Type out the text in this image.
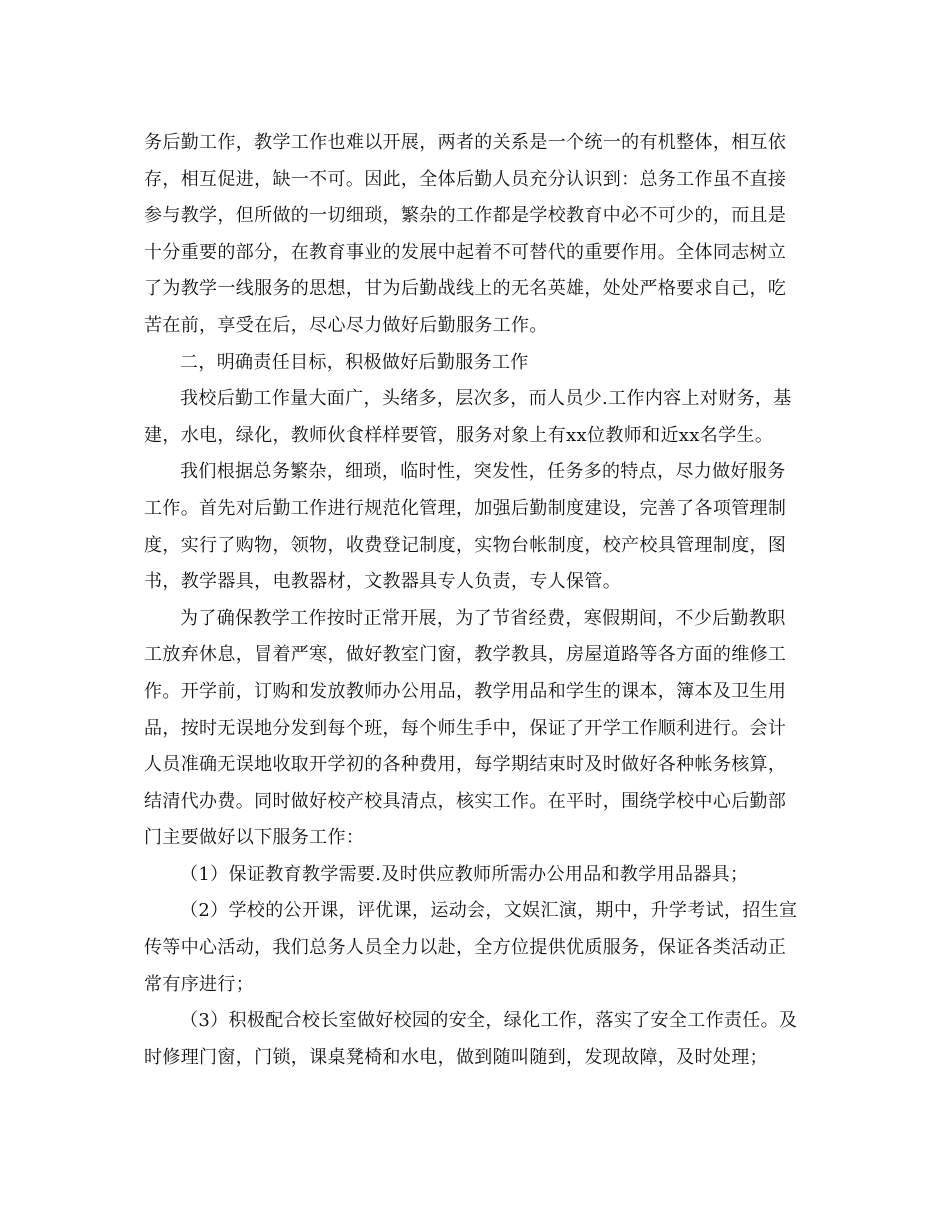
务后勤工作，教学工作也难以开展，两者的关系是一个统一的有机整体，相互依
存，相互促进，缺一不可。因此，全体后勤人员充分认识到：总务工作虽不直接
参与教学，但所做的一切细琐，繁杂的工作都是学校教育中必不可少的，而且是
十分重要的部分，在教育事业的发展中起着不可替代的重要作用。全体同志树立
了为教学一线服务的思想，甘为后勤战线上的无名英雄，处处严格要求自己，吃
苦在前，享受在后，尽心尽力做好后勤服务工作。
二，明确责任目标，积极做好后勤服务工作
我校后勤工作量大面广，头绪多，层次多，而人员少.工作内容上对财务，基
建，水电，绿化，教师伙食样样要管，服务对象上有xx位教师和近xx名学生。
我们根据总务繁杂，细琐，临时性，突发性，任务多的特点，尽力做好服务
工作。首先对后勤工作进行规范化管理，加强后勤制度建设，完善了各项管理制
度，实行了购物，领物，收费登记制度，实物台帐制度，校产校具管理制度，图
书，教学器具，电教器材，文教器具专人负责，专人保管。
为了确保教学工作按时正常开展，为了节省经费，寒假期间，不少后勤教职
工放弃休息，冒着严寒，做好教室门窗，教学教具，房屋道路等各方面的维修工
作。开学前，订购和发放教师办公用品，教学用品和学生的课本，簿本及卫生用
品，按时无误地分发到每个班，每个师生手中，保证了开学工作顺利进行。会计
人员准确无误地收取开学初的各种费用，每学期结束时及时做好各种帐务核算，
结清代办费。同时做好校产校具清点，核实工作。在平时，围绕学校中心后勤部
门主要做好以下服务工作：
（1）保证教育教学需要.及时供应教师所需办公用品和教学用品器具；
（2）学校的公开课，评优课，运动会，文娱汇演，期中，升学考试，招生宣
传等中心活动，我们总务人员全力以赴，全方位提供优质服务，保证各类活动正
常有序进行；
（3）积极配合校长室做好校园的安全，绿化工作，落实了安全工作责任。及
时修理门窗，门锁，课桌凳椅和水电，做到随叫随到，发现故障，及时处理；
